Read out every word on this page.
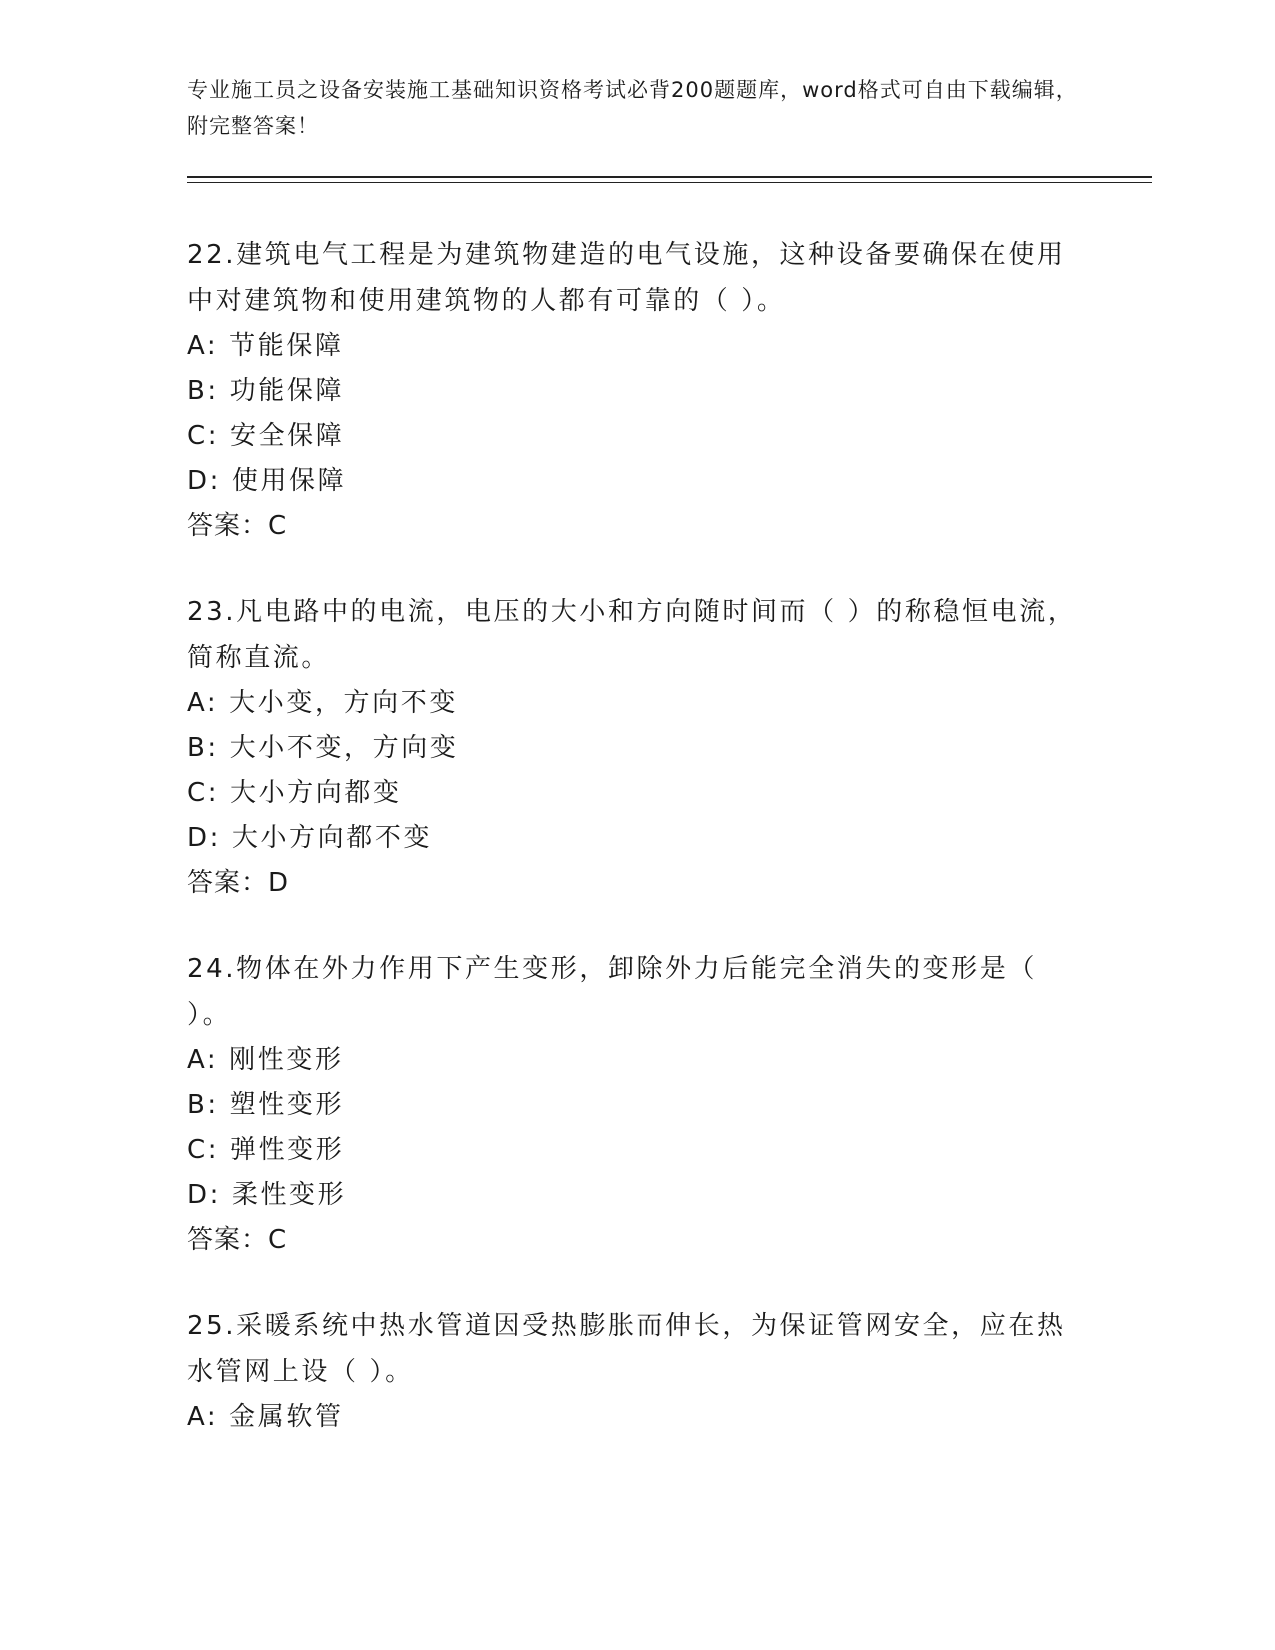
专业施工员之设备安装施工基础知识资格考试必背200题题库，word格式可自由下载编辑，附完整答案！
22.建筑电气工程是为建筑物建造的电气设施，这种设备要确保在使用中对建筑物和使用建筑物的人都有可靠的（ ）。
A: 节能保障
B: 功能保障
C: 安全保障
D: 使用保障
答案：C
23.凡电路中的电流，电压的大小和方向随时间而（ ）的称稳恒电流，简称直流。
A: 大小变，方向不变
B: 大小不变，方向变
C: 大小方向都变
D: 大小方向都不变
答案：D
24.物体在外力作用下产生变形，卸除外力后能完全消失的变形是（ ）。
A: 刚性变形
B: 塑性变形
C: 弹性变形
D: 柔性变形
答案：C
25.采暖系统中热水管道因受热膨胀而伸长，为保证管网安全，应在热水管网上设（ ）。
A: 金属软管
